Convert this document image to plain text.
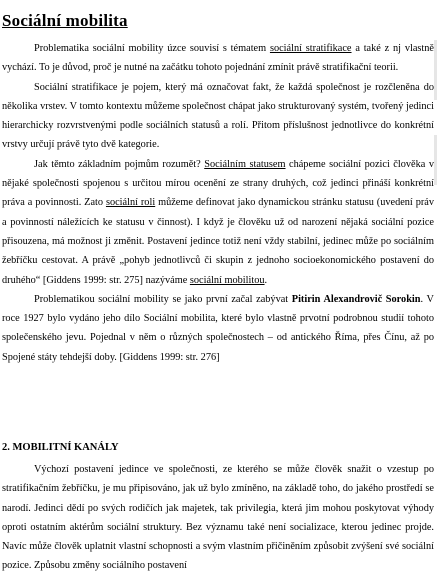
Sociální mobilita

Problematika sociální mobility úzce souvisí s tématem sociální stratifikace a také z nj vlastně vychází. To je důvod, proč je nutné na začátku tohoto pojednání zmínit právě stratifikační teorii.

Sociální stratifikace je pojem, který má označovat fakt, že každá společnost je rozčleněna do několika vrstev. V tomto kontextu můžeme společnost chápat jako strukturovaný systém, tvořený jedinci hierarchicky rozvrstvenými podle sociálních statusů a rolí. Přitom příslušnost jednotlivce do konkrétní vrstvy určují právě tyto dvě kategorie.

Jak těmto základním pojmům rozumět? Sociálním statusem chápeme sociální pozici člověka v nějaké společnosti spojenou s určitou mírou ocenění ze strany druhých, což jedinci přináší konkrétní práva a povinnosti. Zato sociální roli můžeme definovat jako dynamickou stránku statusu (uvedení práv a povinností náležících ke statusu v činnost). I když je člověku už od narození nějaká sociální pozice přisouzena, má možnost ji změnit. Postavení jedince totiž není vždy stabilní, jedinec může po sociálním žebříčku cestovat. A právě „pohyb jednotlivců či skupin z jednoho socioekonomického postavení do druhého“ [Giddens 1999: str. 275] nazýváme sociální mobilitou.

Problematikou sociální mobility se jako první začal zabývat Pitirin Alexandrovič Sorokin. V roce 1927 bylo vydáno jeho dílo Sociální mobilita, které bylo vlastně prvotní podrobnou studií tohoto společenského jevu. Pojednal v něm o různých společnostech – od antického Říma, přes Čínu, až po Spojené státy tehdejší doby. [Giddens 1999: str. 276]

2. MOBILITNÍ KANÁLY

Výchozí postavení jedince ve společnosti, ze kterého se může člověk snažit o vzestup po stratifikačním žebříčku, je mu připisováno, jak už bylo zmíněno, na základě toho, do jakého prostředí se narodí. Jedinci dědí po svých rodičích jak majetek, tak privilegia, která jim mohou poskytovat výhody oproti ostatním aktérům sociální struktury. Bez významu také není socializace, kterou jedinec projde. Navíc může člověk uplatnit vlastní schopnosti a svým vlastním přičiněním způsobit zvýšení své sociální pozice. Způsobu změny sociálního postavení
